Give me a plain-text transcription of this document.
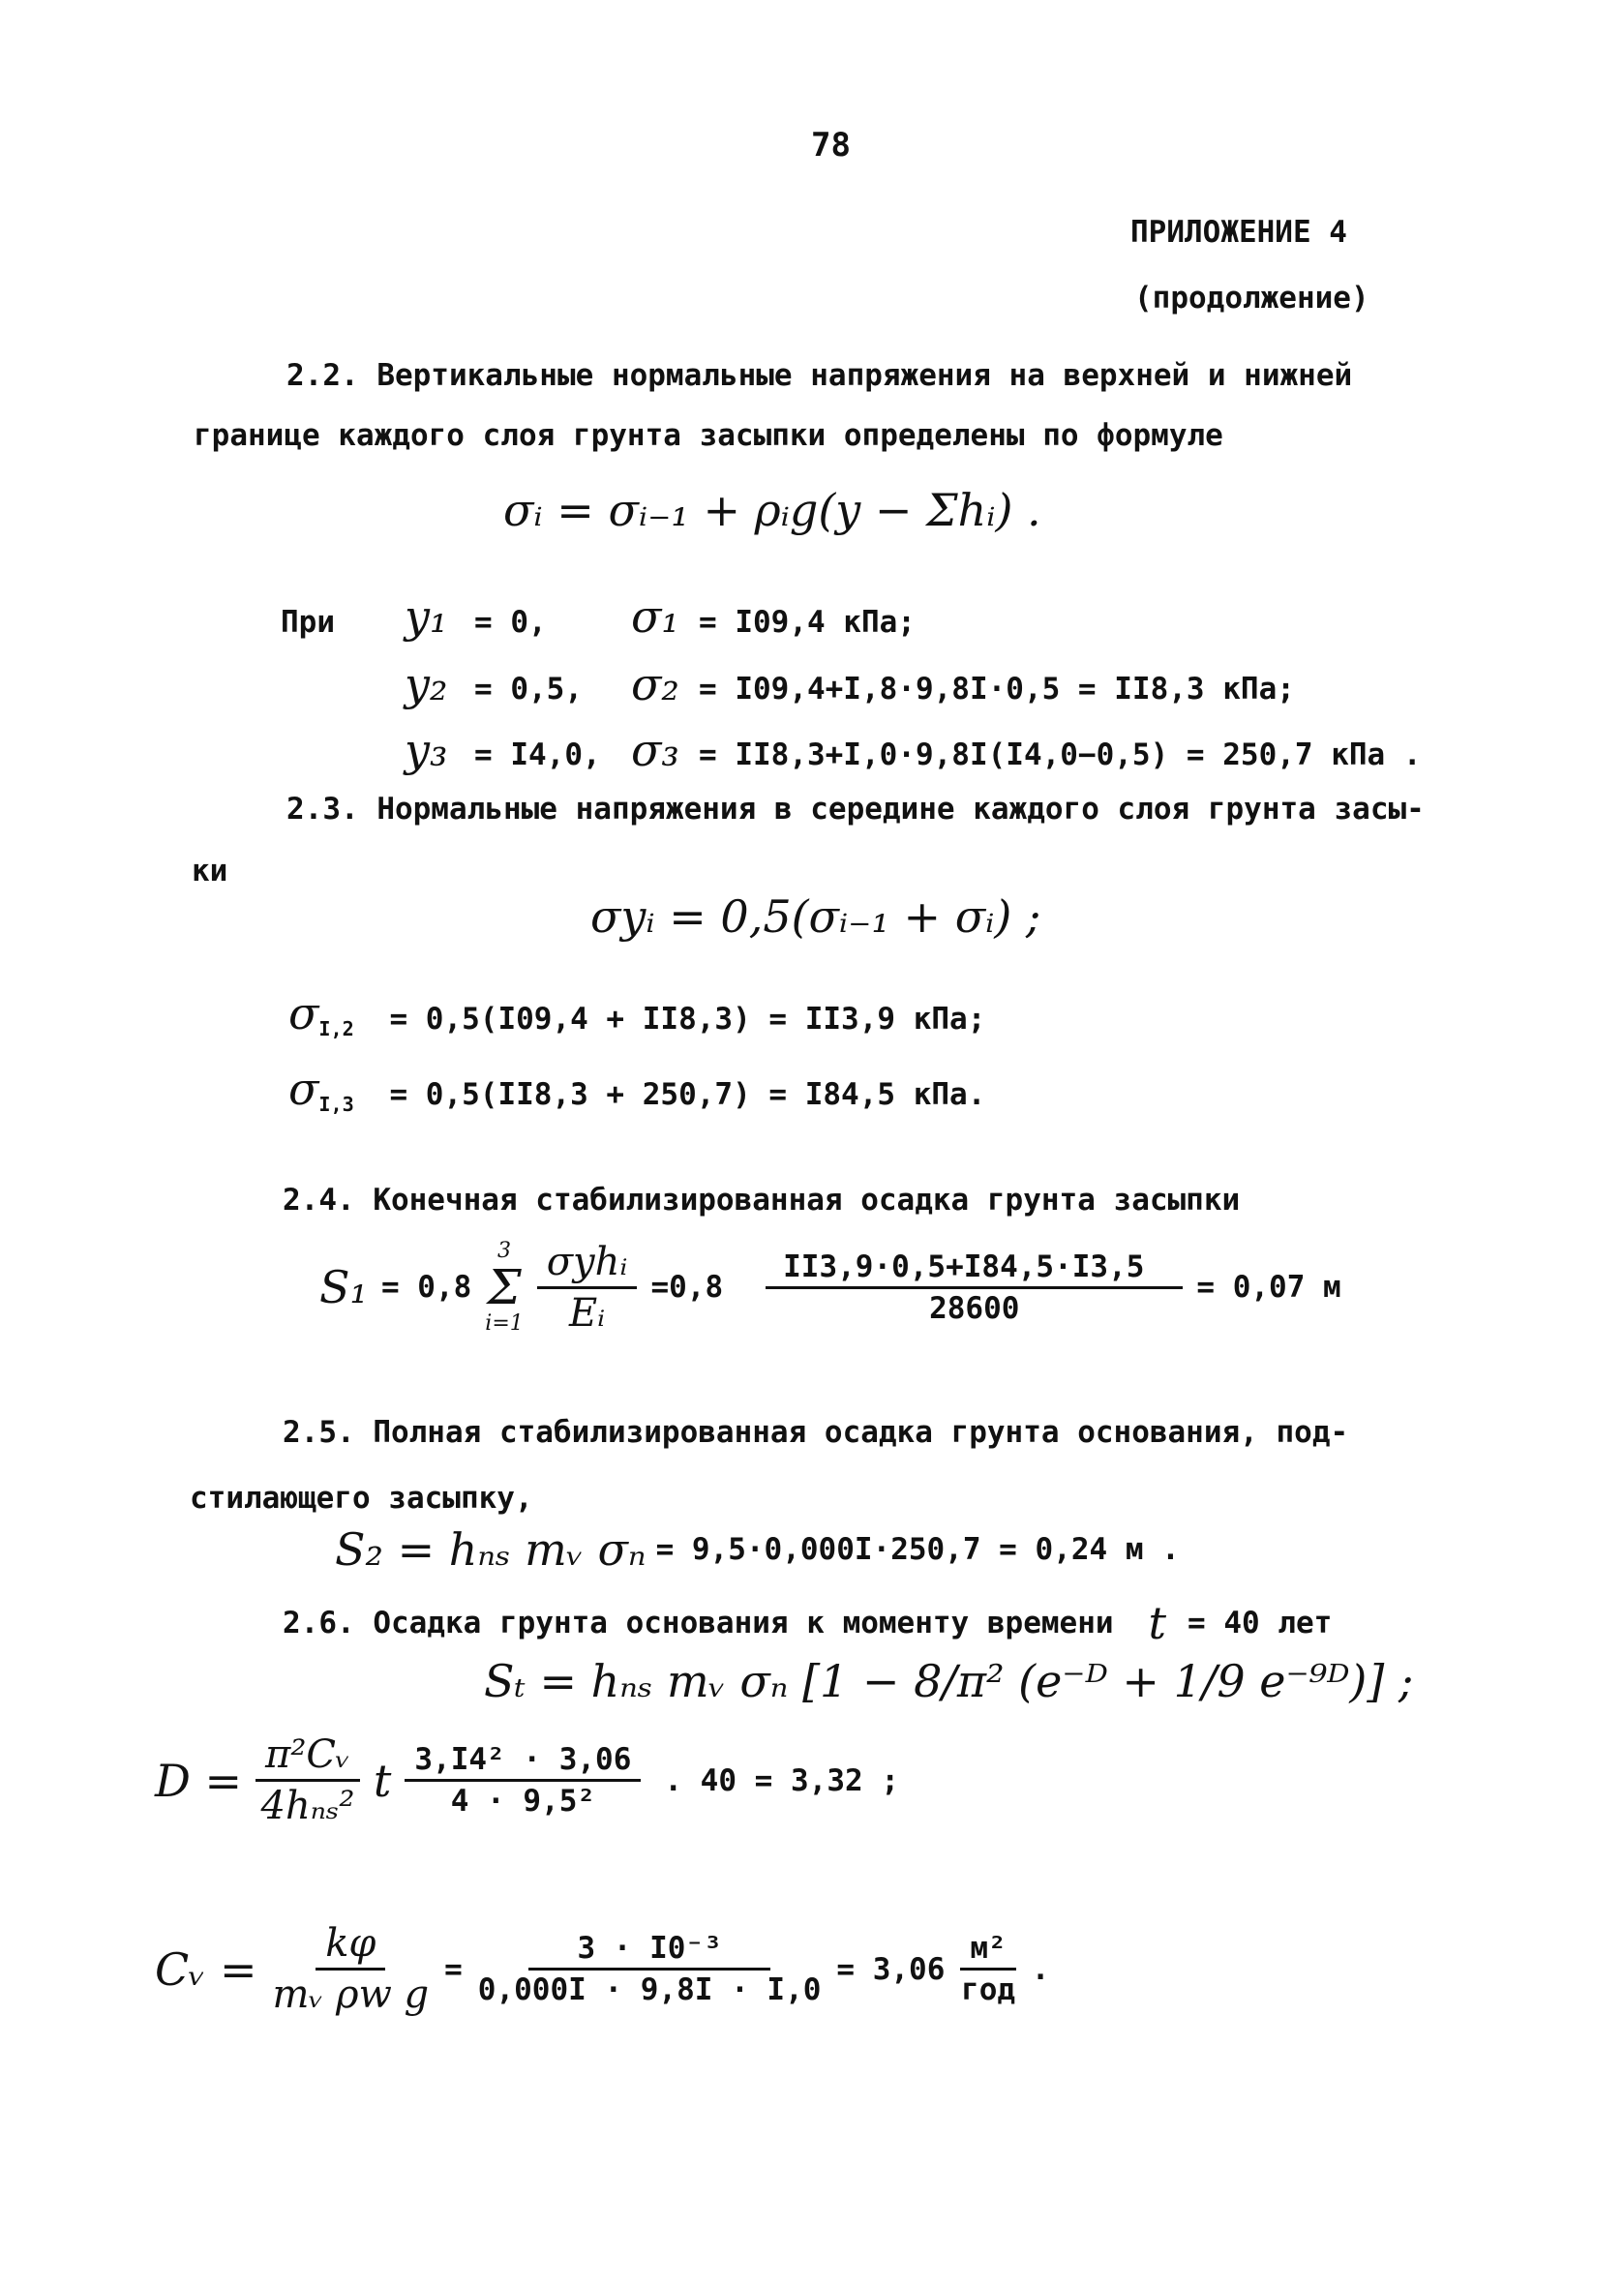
78
ПРИЛОЖЕНИЕ 4
(продолжение)
2.2. Вертикальные нормальные напряжения на верхней и нижней
границе каждого слоя грунта засыпки определены по формуле
σᵢ = σᵢ₋₁ + ρᵢg(y − Σhᵢ) .
При y₁ = 0, σ₁ = I09,4 кПа;
y₂ = 0,5, σ₂ = I09,4+I,8·9,8I·0,5 = II8,3 кПа;
y₃ = I4,0, σ₃ = II8,3+I,0·9,8I(I4,0−0,5) = 250,7 кПа .
2.3. Нормальные напряжения в середине каждого слоя грунта засы-
ки
σyᵢ = 0,5(σᵢ₋₁ + σᵢ) ;
$\sigma_{I,2} = 0,5(I09,4 + II8,3) = II3,9$ кПа;
$\sigma_{I,3} = 0,5(II8,3 + 250,7) = I84,5$ кПа.
2.4. Конечная стабилизированная осадка грунта засыпки
S₁ = 0,8
3
Σ
$i=1 \frac{\text{σyhᵢ}}{\text{Eᵢ}} =0,8 \frac{II3,9\cdot 0,5+I84,5\cdot I3,5}{28600} = 0,07$ м
2.5. Полная стабилизированная осадка грунта основания, под-
стилающего засыпку,
S₂ = hₙₛ mᵥ σₙ = 9,5·0,000I·250,7 = 0,24 м .
2.6. Осадка грунта основания к моменту времени t = 40 лет
Sₜ = hₙₛ mᵥ σₙ [1 − 8/π² (e⁻ᴰ + 1/9 e⁻⁹ᴰ)] ;
$D = \frac{\text{π²Cᵥ}}{\text{4hₙₛ²}}$ t $\frac{\text{3,I4² · 3,06}}{\text{4 · 9,5²}}$ . 40 = 3,32 ;
Cᵥ = $\frac{k\varphi}{\text{mᵥ ρw g}} = \frac{\text{3 · I0⁻³}}{0,000I \cdot 9,8I \cdot I,0} = 3,06 \frac{\text{м²}}{\text{год}}$ .
